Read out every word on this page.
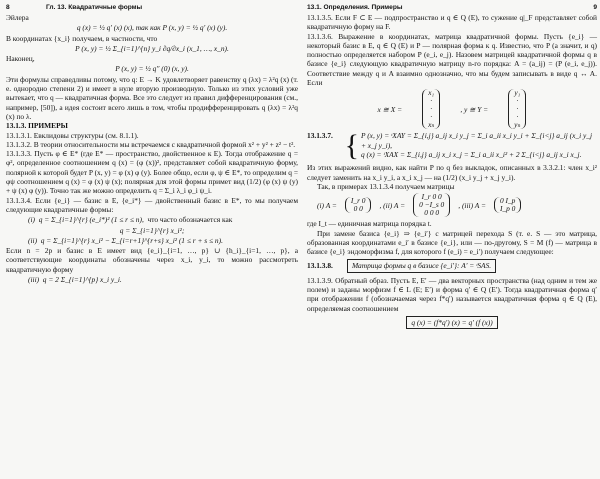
8	Гл. 13. Квадратичные формы

Эйлера

q (x) = ½ q′ (x) (x), так как P (x, y) = ½ q′ (x) (y).

В координатах {x_i} получаем, в частности, что

P (x, y) = ½ Σ_{i=1}^{n} y_i ∂q/∂x_i (x_1, …, x_n).

Наконец,

P (x, y) = ½ q″ (0) (x, y).

Эти формулы справедливы потому, что q: E → K удовлетворяет равенству q (λx) = λ²q (x) (т. е. однородно степени 2) и имеет в нуле вторую производную. Только из этих условий уже вытекает, что q — квадратичная форма. Все это следует из правил дифференцирования (см., например, [50]), а идея состоит всего лишь в том, чтобы продифференцировать q (λx) = λ²q (x) по λ.

13.1.3. ПРИМЕРЫ

13.1.3.1. Евклидовы структуры (см. 8.1.1).

13.1.3.2. В теории относительности мы встречаемся с квадратичной формой x² + y² + z² − t².

13.1.3.3. Пусть φ ∈ E* (где E* — пространство, двойственное к E). Тогда отображение q = φ², определенное соотношением q (x) = (φ (x))², представляет собой квадратичную форму, полярной к которой будет P (x, y) = φ (x) φ (y). Более общо, если φ, ψ ∈ E*, то определим q = φψ соотношением q (x) = φ (x) ψ (x); полярная для этой формы примет вид (1/2) (φ (x) ψ (y) + ψ (x) φ (y)). Точно так же можно определить q = Σ_i λ_i φ_i ψ_i.

13.1.3.4. Если {e_i} — базис в E, {e_i*} — двойственный базис в E*, то мы получаем следующие квадратичные формы:

(i) q = Σ_{i=1}^{r} (e_i*)² (1 ≤ r ≤ n), что часто обозначается как
q = Σ_{i=1}^{r} x_i²;
(ii) q = Σ_{i=1}^{r} x_i² − Σ_{i=r+1}^{r+s} x_i² (1 ≤ r + s ≤ n).

Если n = 2p и базис в E имеет вид {e_i}_{i=1, …, p} ∪ {h_i}_{i=1, …, p}, а соответствующие координаты обозначены через x_i, y_i, то можно рассмотреть квадратичную форму

(iii) q = 2 Σ_{i=1}^{p} x_i y_i.
13.1. Определения. Примеры	9

13.1.3.5. Если F ⊂ E — подпространство и q ∈ Q (E), то сужение q|_F представляет собой квадратичную форму на F.

13.1.3.6. Выражение в координатах, матрица квадратичной формы. Пусть {e_i} — некоторый базис в E, q ∈ Q (E) и P — полярная форма к q. Известно, что P (а значит, и q) полностью определяется набором P (e_i, e_j). Назовем матрицей квадратичной формы q в базисе {e_i} следующую квадратичную матрицу n-го порядка: A = (a_ij) = (P (e_i, e_j)). Соответствие между q и A взаимно однозначно, что мы будем записывать в виде q ↔ A. Если

x ≅ X =
x₁
·
·
·
xₙ
, y ≅ Y =
y₁
·
·
·
yₙ
13.1.3.7. { P (x, y) = ᵗXAY = Σ_{i,j} a_ij x_i y_j = Σ_i a_ii x_i y_i + Σ_{i<j} a_ij (x_i y_j + x_j y_i),
q (x) = ᵗXAX = Σ_{i,j} a_ij x_i x_j = Σ_i a_ii x_i² + 2 Σ_{i<j} a_ij x_i x_j.

Из этих выражений видно, как найти P по q без выкладок, описанных в 3.3.2.1: член x_i² следует заменить на x_i y_i, а x_i x_j — на (1/2) (x_i y_j + x_j y_i).

Так, в примерах 13.1.3.4 получаем матрицы

(i) A = I_r 0
0 0 , (ii) A =
I_r 0 0
0 −I_s 0
0 0 0
, (iii) A = 0 I_p
I_p 0

где I_t — единичная матрица порядка t.

При замене базиса {e_i} ⇒ {e_i′} с матрицей перехода S (т. е. S — это матрица, образованная координатами e_i′ в базисе {e_i}, или — по-другому, S = M (f) — матрица в базисе {e_i} эндоморфизма f, для которого f (e_i) = e_i′) получаем следующее:

13.1.3.8.	Матрица формы q в базисе {e_i′}: A′ = ᵗSAS.

13.1.3.9. Обратный образ. Пусть E, E′ — два векторных пространства (над одним и тем же полем) и заданы морфизм f ∈ L (E; E′) и форма q′ ∈ Q (E′). Тогда квадратичная форма q′ при отображении f (обозначаемая через f*q′) называется квадратичная форма q ∈ Q (E), определяемая соотношением

q (x) = (f*q′) (x) = q′ (f (x))
